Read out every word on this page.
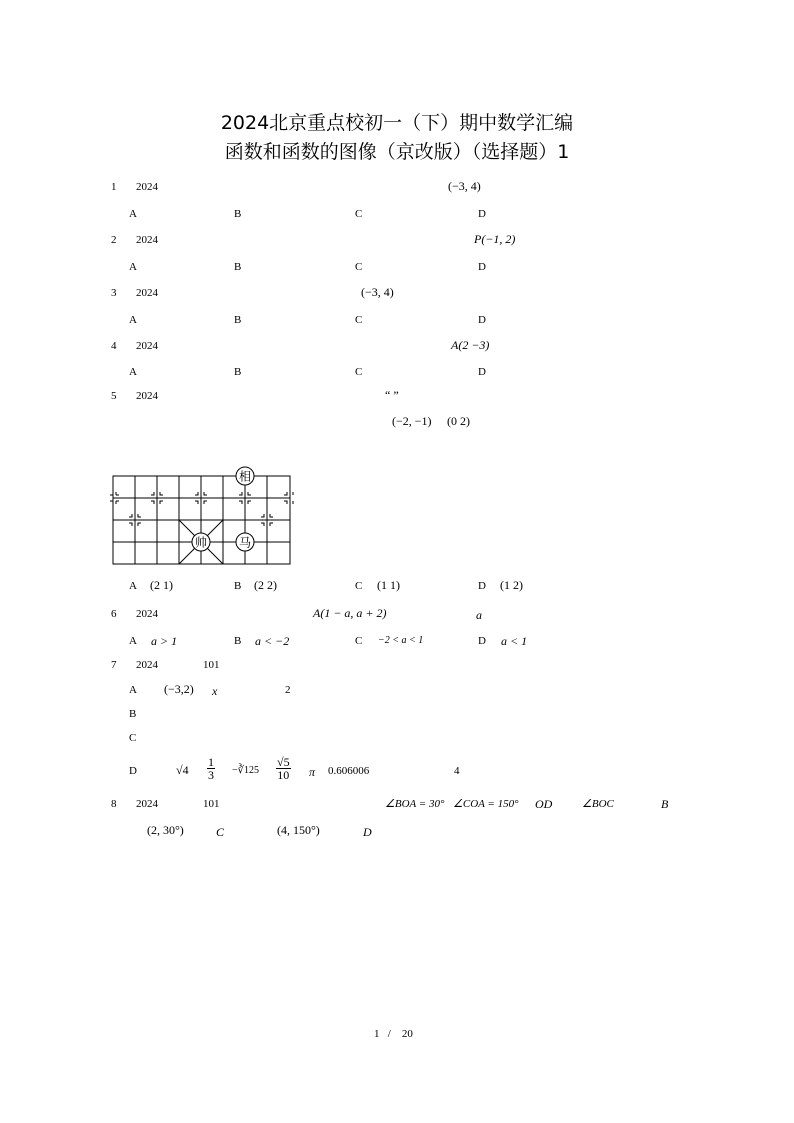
2024北京重点校初一（下）期中数学汇编
函数和函数的图像（京改版）（选择题）1
1 2024	(−3, 4)
A	B	C	D
2 2024	P(−1, 2)
A	B	C	D
3 2024	(−3, 4)
A	B	C	D
4 2024	A(2 −3)
A	B	C	D
5 2024	“ ”
(−2, −1) (0 2)
相
帅	马
A (2 1)	B (2 2)	C (1 1)	D (1 2)
6 2024	A(1 − a, a + 2)	a
A a > 1	B a < −2	C −2 < a < 1	D a < 1
7 2024	101
A (−3,2) x	2
B
C
D	$√4 \frac{1}{3}$ −∛125 $\frac{√5}{10}$ π 0.606006	4
8 2024	101	∠BOA = 30° ∠COA = 150° OD	∠BOC	B
(2, 30°)	C	(4, 150°)	D
1 / 20
